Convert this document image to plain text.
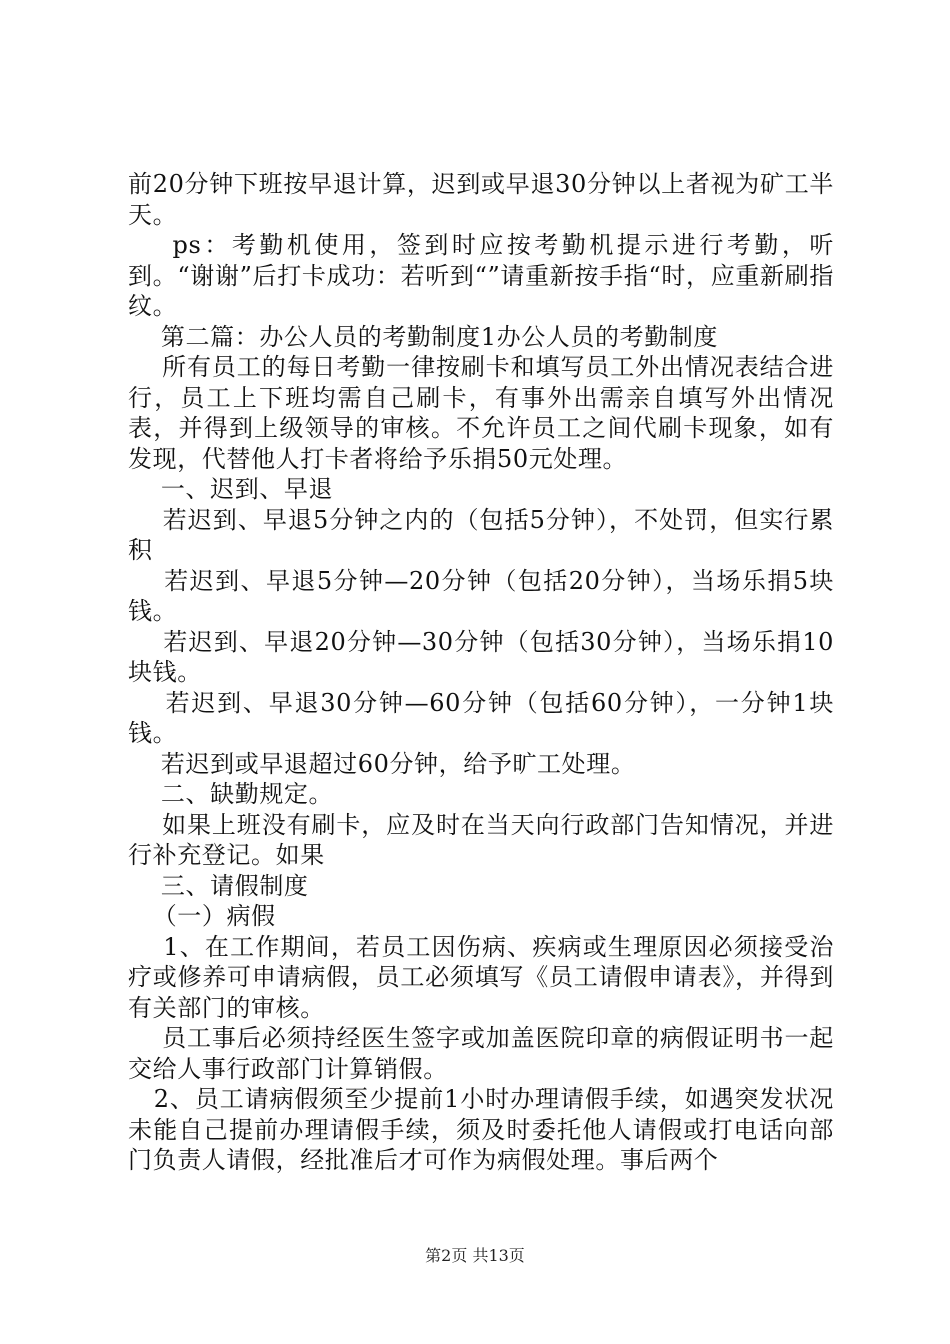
前20分钟下班按早退计算，迟到或早退30分钟以上者视为矿工半天。

ps：考勤机使用，签到时应按考勤机提示进行考勤，听到。“谢谢”后打卡成功：若听到“”请重新按手指“时，应重新刷指纹。

第二篇：办公人员的考勤制度1办公人员的考勤制度

所有员工的每日考勤一律按刷卡和填写员工外出情况表结合进行，员工上下班均需自己刷卡，有事外出需亲自填写外出情况表，并得到上级领导的审核。不允许员工之间代刷卡现象，如有发现，代替他人打卡者将给予乐捐50元处理。

一、迟到、早退

若迟到、早退5分钟之内的（包括5分钟），不处罚，但实行累积

若迟到、早退5分钟—20分钟（包括20分钟），当场乐捐5块钱。

若迟到、早退20分钟—30分钟（包括30分钟），当场乐捐10块钱。

若迟到、早退30分钟—60分钟（包括60分钟），一分钟1块钱。

若迟到或早退超过60分钟，给予旷工处理。

二、缺勤规定。

如果上班没有刷卡，应及时在当天向行政部门告知情况，并进行补充登记。如果

三、请假制度

（一）病假

1、在工作期间，若员工因伤病、疾病或生理原因必须接受治疗或修养可申请病假，员工必须填写《员工请假申请表》，并得到有关部门的审核。

员工事后必须持经医生签字或加盖医院印章的病假证明书一起交给人事行政部门计算销假。

2、员工请病假须至少提前1小时办理请假手续，如遇突发状况未能自己提前办理请假手续，须及时委托他人请假或打电话向部门负责人请假，经批准后才可作为病假处理。事后两个

第2页 共13页
